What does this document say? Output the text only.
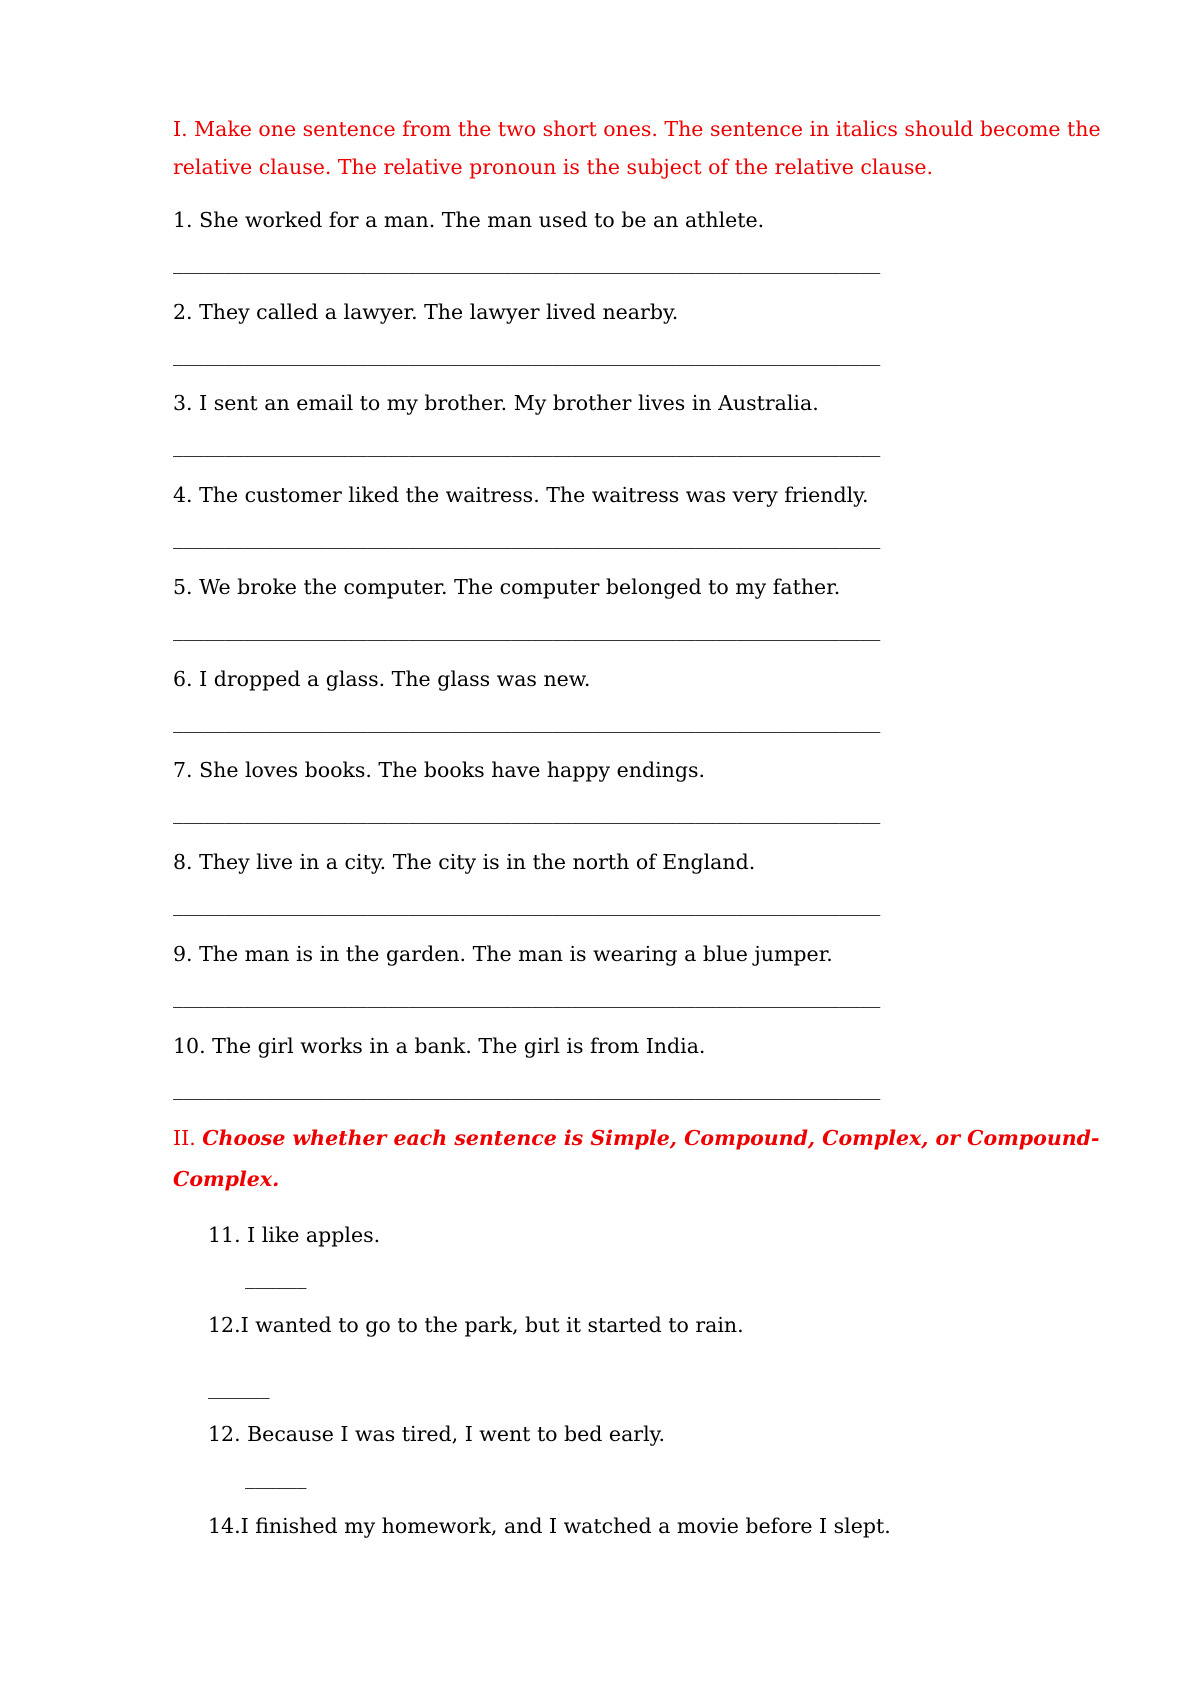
I. Make one sentence from the two short ones. The sentence in italics should become the
relative clause. The relative pronoun is the subject of the relative clause.
1. She worked for a man. The man used to be an athlete.
_____________________________________________________________________
2. They called a lawyer. The lawyer lived nearby.
_____________________________________________________________________
3. I sent an email to my brother. My brother lives in Australia.
_____________________________________________________________________
4. The customer liked the waitress. The waitress was very friendly.
_____________________________________________________________________
5. We broke the computer. The computer belonged to my father.
_____________________________________________________________________
6. I dropped a glass. The glass was new.
_____________________________________________________________________
7. She loves books. The books have happy endings.
_____________________________________________________________________
8. They live in a city. The city is in the north of England.
_____________________________________________________________________
9. The man is in the garden. The man is wearing a blue jumper.
_____________________________________________________________________
10. The girl works in a bank. The girl is from India.
_____________________________________________________________________
II. Choose whether each sentence is Simple, Compound, Complex, or Compound-
Complex.
11. I like apples.
______
12.I wanted to go to the park, but it started to rain.
______
12. Because I was tired, I went to bed early.
______
14.I finished my homework, and I watched a movie before I slept.
